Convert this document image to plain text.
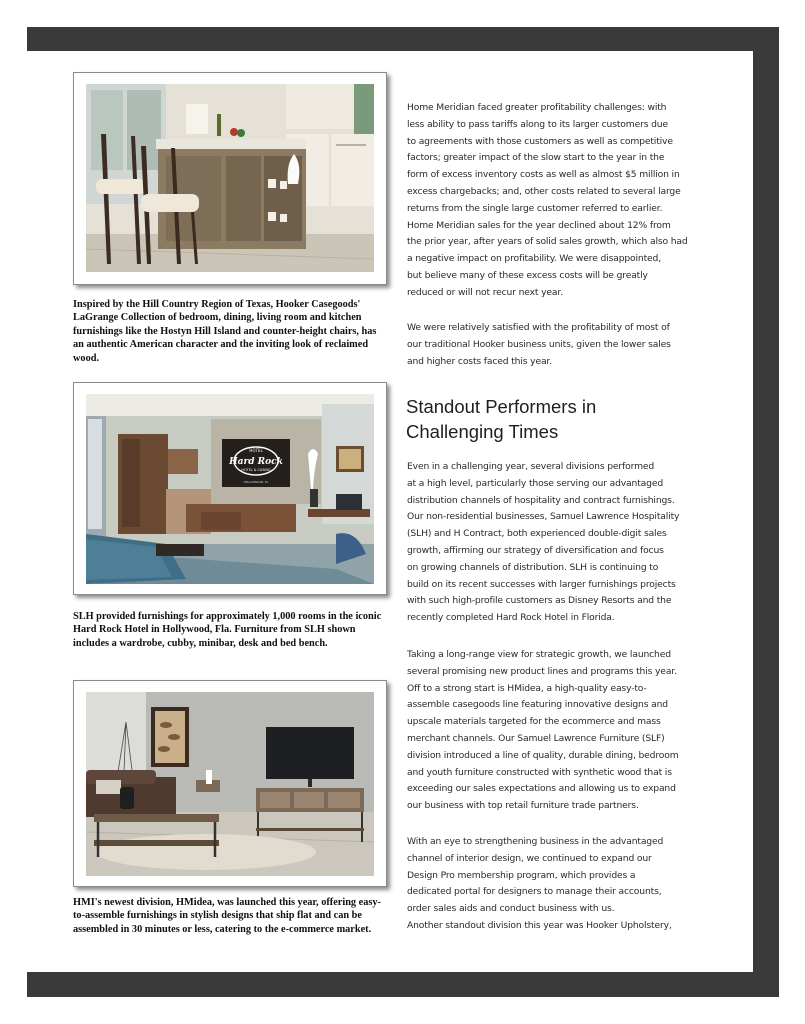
Inspired by the Hill Country Region of Texas, Hooker Casegoods' LaGrange Collection of bedroom, dining, living room and kitchen furnishings like the Hostyn Hill Island and counter-height chairs, has an authentic American character and the inviting look of reclaimed wood.
HOTEL
Hard Rock
HOTEL & CASINO
HOLLYWOOD, FL
SLH provided furnishings for approximately 1,000 rooms in the iconic Hard Rock Hotel in Hollywood, Fla. Furniture from SLH shown includes a wardrobe, cubby, minibar, desk and bed bench.
HMI's newest division, HMidea, was launched this year, offering easy-to-assemble furnishings in stylish designs that ship flat and can be assembled in 30 minutes or less, catering to the e-commerce market.

Home Meridian faced greater profitability challenges: with

less ability to pass tariffs along to its larger customers due

to agreements with those customers as well as competitive

factors; greater impact of the slow start to the year in the

form of excess inventory costs as well as almost $5 million in

excess chargebacks; and, other costs related to several large

returns from the single large customer referred to earlier.

Home Meridian sales for the year declined about 12% from

the prior year, after years of solid sales growth, which also had

a negative impact on profitability. We were disappointed,

but believe many of these excess costs will be greatly

reduced or will not recur next year.

We were relatively satisfied with the profitability of most of

our traditional Hooker business units, given the lower sales

and higher costs faced this year.

Standout Performers in

Challenging Times

Even in a challenging year, several divisions performed

at a high level, particularly those serving our advantaged

distribution channels of hospitality and contract furnishings.

Our non-residential businesses, Samuel Lawrence Hospitality

(SLH) and H Contract, both experienced double-digit sales

growth, affirming our strategy of diversification and focus

on growing channels of distribution. SLH is continuing to

build on its recent successes with larger furnishings projects

with such high-profile customers as Disney Resorts and the

recently completed Hard Rock Hotel in Florida.

Taking a long-range view for strategic growth, we launched

several promising new product lines and programs this year.

Off to a strong start is HMidea, a high-quality easy-to-

assemble casegoods line featuring innovative designs and

upscale materials targeted for the ecommerce and mass

merchant channels. Our Samuel Lawrence Furniture (SLF)

division introduced a line of quality, durable dining, bedroom

and youth furniture constructed with synthetic wood that is

exceeding our sales expectations and allowing us to expand

our business with top retail furniture trade partners.

With an eye to strengthening business in the advantaged

channel of interior design, we continued to expand our

Design Pro membership program, which provides a

dedicated portal for designers to manage their accounts,

order sales aids and conduct business with us.

Another standout division this year was Hooker Upholstery,
